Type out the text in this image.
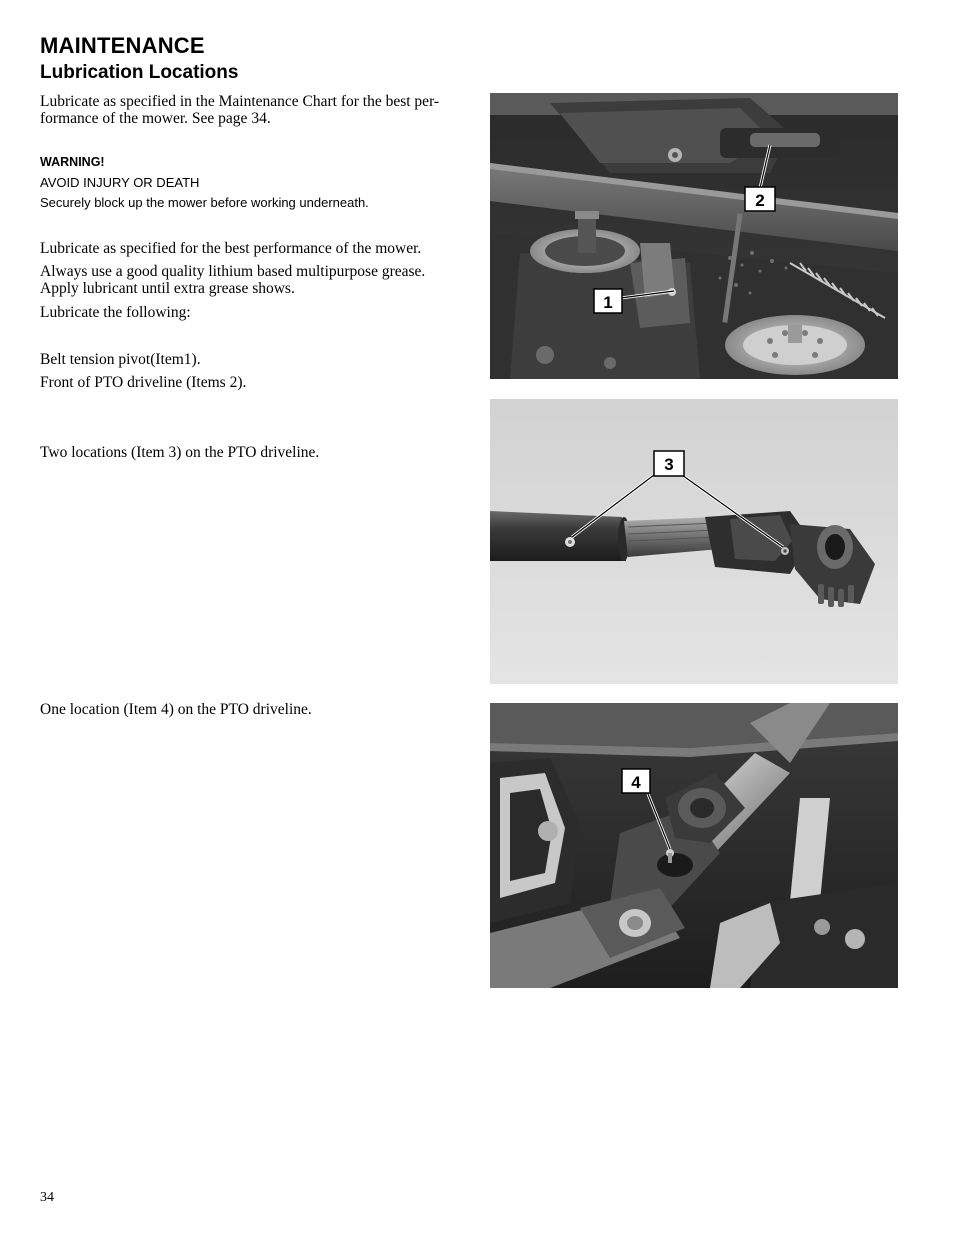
MAINTENANCE
Lubrication Locations
Lubricate as specified in the Maintenance Chart for the best per-
formance of the mower. See page 34.
WARNING!
AVOID INJURY OR DEATH
Securely block up the mower before working underneath.
Lubricate as specified for the best performance of the mower.
Always use a good quality lithium based multipurpose grease.
Apply lubricant until extra grease shows.
Lubricate the following:
Belt tension pivot(Item1).
Front of PTO driveline (Items 2).
Two locations (Item 3) on the PTO driveline.
One location (Item 4) on the PTO driveline.
1
2
3
4
34
